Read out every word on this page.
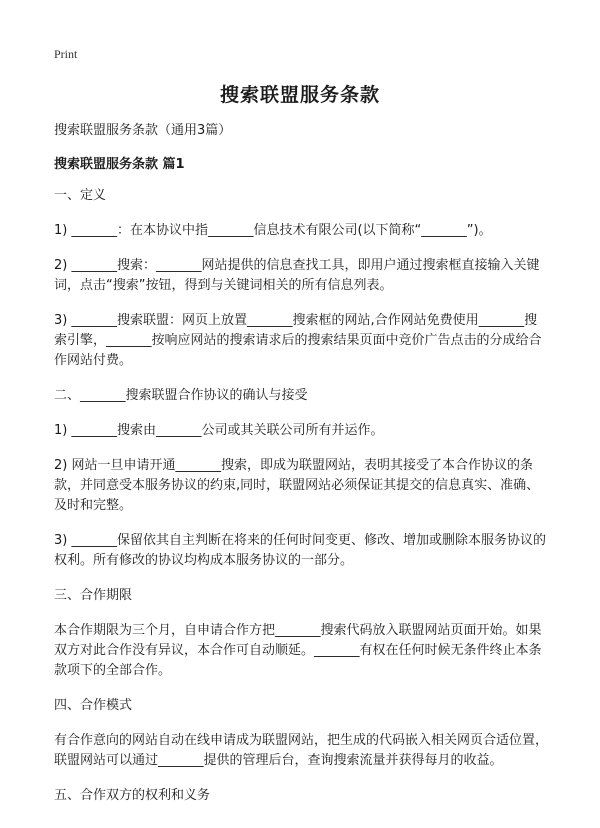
Print
搜索联盟服务条款

搜索联盟服务条款（通用3篇）

搜索联盟服务条款 篇1

一、定义

1) _______：在本协议中指_______信息技术有限公司(以下简称“_______”)。

2) _______搜索：_______网站提供的信息查找工具，即用户通过搜索框直接输入关键词，点击“搜索”按钮，得到与关键词相关的所有信息列表。

3) _______搜索联盟：网页上放置_______搜索框的网站,合作网站免费使用_______搜索引擎，_______按响应网站的搜索请求后的搜索结果页面中竞价广告点击的分成给合作网站付费。

二、_______搜索联盟合作协议的确认与接受

1) _______搜索由_______公司或其关联公司所有并运作。

2) 网站一旦申请开通_______搜索，即成为联盟网站，表明其接受了本合作协议的条款，并同意受本服务协议的约束,同时，联盟网站必须保证其提交的信息真实、准确、及时和完整。

3) _______保留依其自主判断在将来的任何时间变更、修改、增加或删除本服务协议的权利。所有修改的协议均构成本服务协议的一部分。

三、合作期限

本合作期限为三个月，自申请合作方把_______搜索代码放入联盟网站页面开始。如果双方对此合作没有异议，本合作可自动顺延。_______有权在任何时候无条件终止本条款项下的全部合作。

四、合作模式

有合作意向的网站自动在线申请成为联盟网站，把生成的代码嵌入相关网页合适位置，联盟网站可以通过_______提供的管理后台，查询搜索流量并获得每月的收益。

五、合作双方的权利和义务
